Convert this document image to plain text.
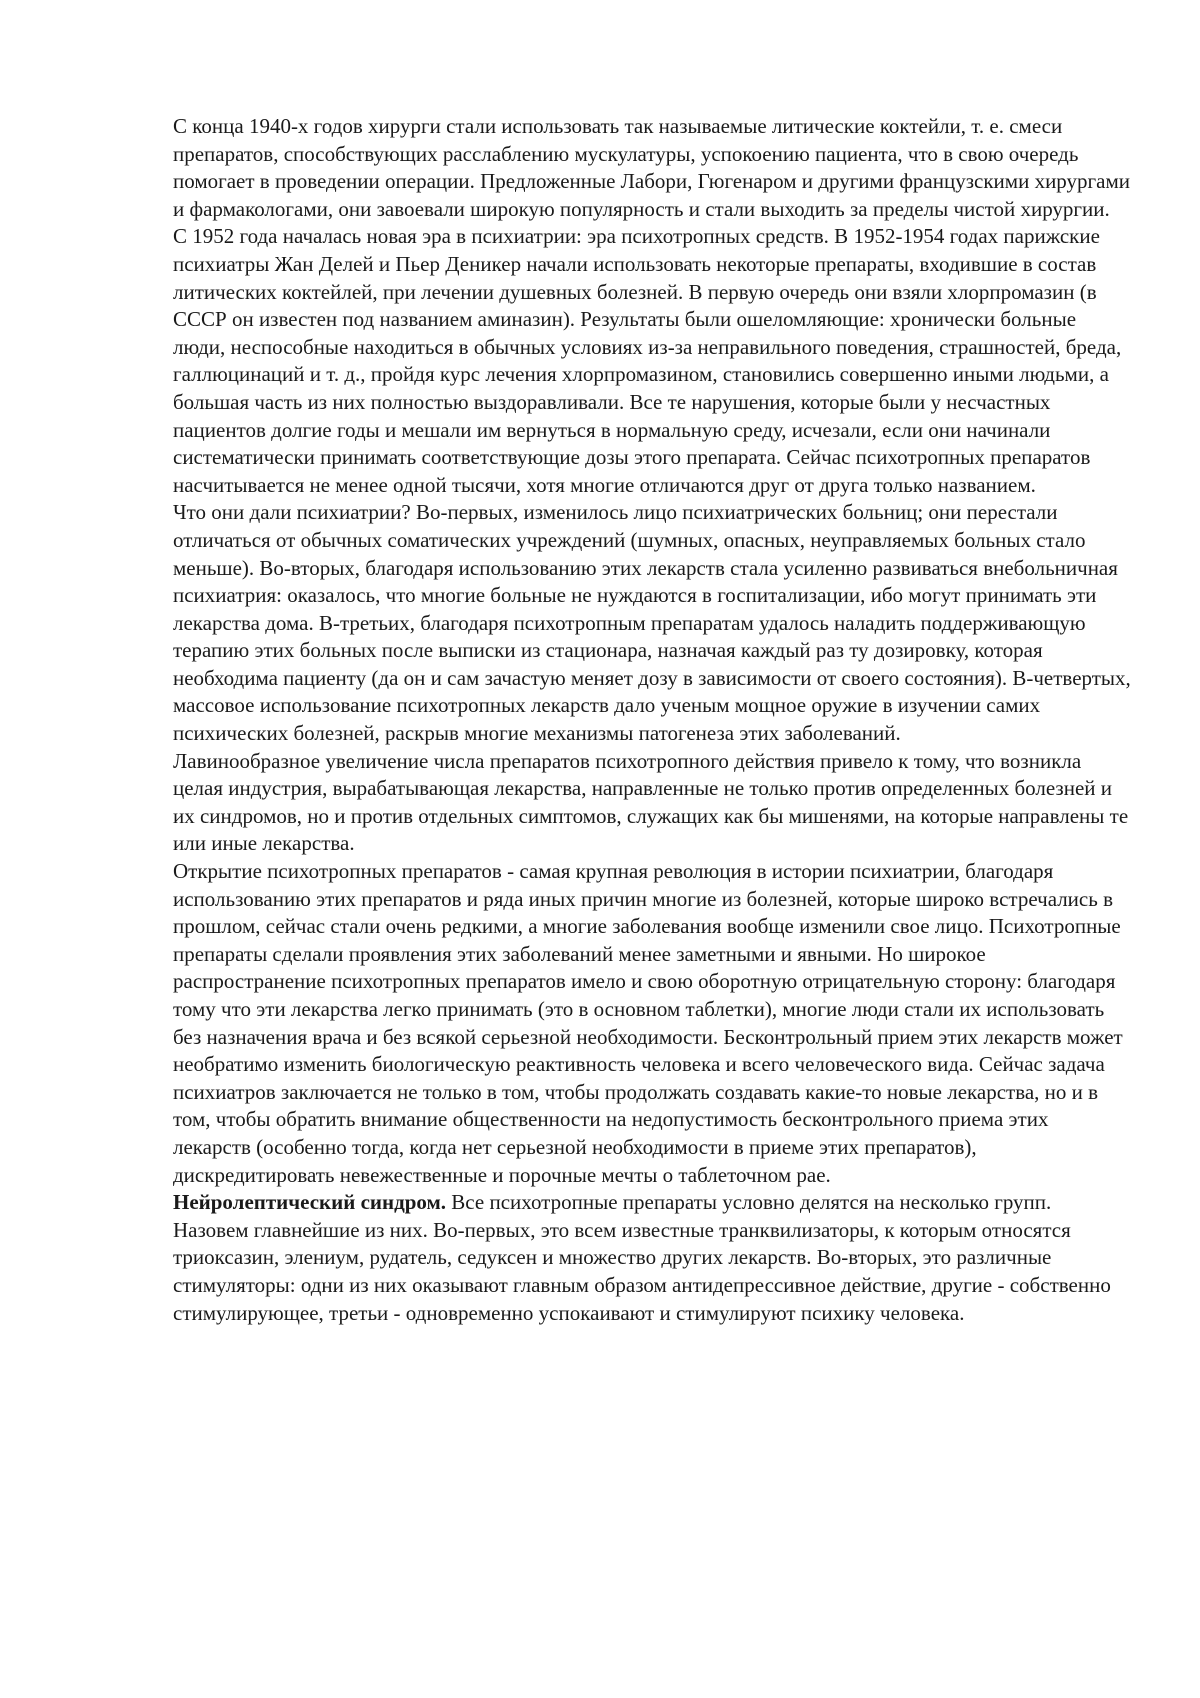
С конца 1940-х годов хирурги стали использовать так называемые литические коктейли, т. е. смеси препаратов, способствующих расслаблению мускулатуры, успокоению пациента, что в свою очередь помогает в проведении операции. Предложенные Лабори, Гюгенаром и другими французскими хирургами и фармакологами, они завоевали широкую популярность и стали выходить за пределы чистой хирургии.

С 1952 года началась новая эра в психиатрии: эра психотропных средств. В 1952-1954 годах парижские психиатры Жан Делей и Пьер Деникер начали использовать некоторые препараты, входившие в состав литических коктейлей, при лечении душевных болезней. В первую очередь они взяли хлорпромазин (в СССР он известен под названием аминазин). Результаты были ошеломляющие: хронически больные люди, неспособные находиться в обычных условиях из-за неправильного поведения, страшностей, бреда, галлюцинаций и т. д., пройдя курс лечения хлорпромазином, становились совершенно иными людьми, а большая часть из них полностью выздоравливали. Все те нарушения, которые были у несчастных пациентов долгие годы и мешали им вернуться в нормальную среду, исчезали, если они начинали систематически принимать соответствующие дозы этого препарата. Сейчас психотропных препаратов насчитывается не менее одной тысячи, хотя многие отличаются друг от друга только названием.

Что они дали психиатрии? Во-первых, изменилось лицо психиатрических больниц; они перестали отличаться от обычных соматических учреждений (шумных, опасных, неуправляемых больных стало меньше). Во-вторых, благодаря использованию этих лекарств стала усиленно развиваться внебольничная психиатрия: оказалось, что многие больные не нуждаются в госпитализации, ибо могут принимать эти лекарства дома. В-третьих, благодаря психотропным препаратам удалось наладить поддерживающую терапию этих больных после выписки из стационара, назначая каждый раз ту дозировку, которая необходима пациенту (да он и сам зачастую меняет дозу в зависимости от своего состояния). В-четвертых, массовое использование психотропных лекарств дало ученым мощное оружие в изучении самих психических болезней, раскрыв многие механизмы патогенеза этих заболеваний.

Лавинообразное увеличение числа препаратов психотропного действия привело к тому, что возникла целая индустрия, вырабатывающая лекарства, направленные не только против определенных болезней и их синдромов, но и против отдельных симптомов, служащих как бы мишенями, на которые направлены те или иные лекарства.

Открытие психотропных препаратов - самая крупная революция в истории психиатрии, благодаря использованию этих препаратов и ряда иных причин многие из болезней, которые широко встречались в прошлом, сейчас стали очень редкими, а многие заболевания вообще изменили свое лицо. Психотропные препараты сделали проявления этих заболеваний менее заметными и явными. Но широкое распространение психотропных препаратов имело и свою оборотную отрицательную сторону: благодаря тому что эти лекарства легко принимать (это в основном таблетки), многие люди стали их использовать без назначения врача и без всякой серьезной необходимости. Бесконтрольный прием этих лекарств может необратимо изменить биологическую реактивность человека и всего человеческого вида. Сейчас задача психиатров заключается не только в том, чтобы продолжать создавать какие-то новые лекарства, но и в том, чтобы обратить внимание общественности на недопустимость бесконтрольного приема этих лекарств (особенно тогда, когда нет серьезной необходимости в приеме этих препаратов), дискредитировать невежественные и порочные мечты о таблеточном рае.

Нейролептический синдром. Все психотропные препараты условно делятся на несколько групп. Назовем главнейшие из них. Во-первых, это всем известные транквилизаторы, к которым относятся триоксазин, элениум, рудатель, седуксен и множество других лекарств. Во-вторых, это различные стимуляторы: одни из них оказывают главным образом антидепрессивное действие, другие - собственно стимулирующее, третьи - одновременно успокаивают и стимулируют психику человека.
